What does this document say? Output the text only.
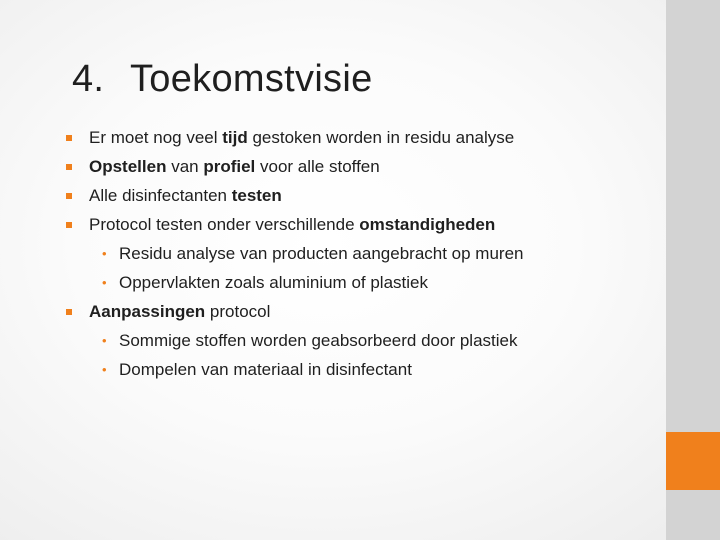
4. Toekomstvisie
Er moet nog veel tijd gestoken worden in residu analyse
Opstellen van profiel voor alle stoffen
Alle disinfectanten testen
Protocol testen onder verschillende omstandigheden
• Residu analyse van producten aangebracht op muren
• Oppervlakten zoals aluminium of plastiek
Aanpassingen protocol
• Sommige stoffen worden geabsorbeerd door plastiek
• Dompelen van materiaal in disinfectant
